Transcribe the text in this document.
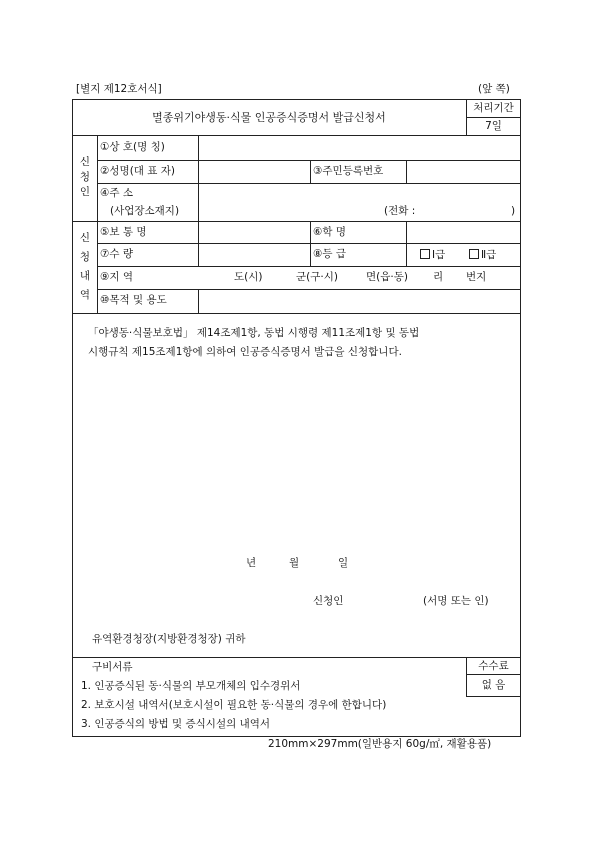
[별지 제12호서식]	(앞 쪽)
멸종위기야생동·식물 인공증식증명서 발급신청서
처리기간
7일
신
청
인
①상 호(명 칭)
②성명(대 표 자)	③주민등록번호
④주 소
(사업장소재지)	(전화 :	)
신
청
내
역
⑤보 통 명	⑥학 명
⑦수 량	⑧등 급	Ⅰ급	Ⅱ급
⑨지 역	도(시)	군(구·시)	면(읍·동) 리 번지
⑩목적 및 용도
「야생동·식물보호법」 제14조제1항, 동법 시행령 제11조제1항 및 동법
시행규칙 제15조제1항에 의하여 인공증식증명서 발급을 신청합니다.
년	월	일
신청인	(서명 또는 인)
유역환경청장(지방환경청장) 귀하
구비서류
1. 인공증식된 동·식물의 부모개체의 입수경위서
2. 보호시설 내역서(보호시설이 필요한 동·식물의 경우에 한합니다)
3. 인공증식의 방법 및 증식시설의 내역서
수수료
없 음
210mm×297mm(일반용지 60g/㎡, 재활용품)
